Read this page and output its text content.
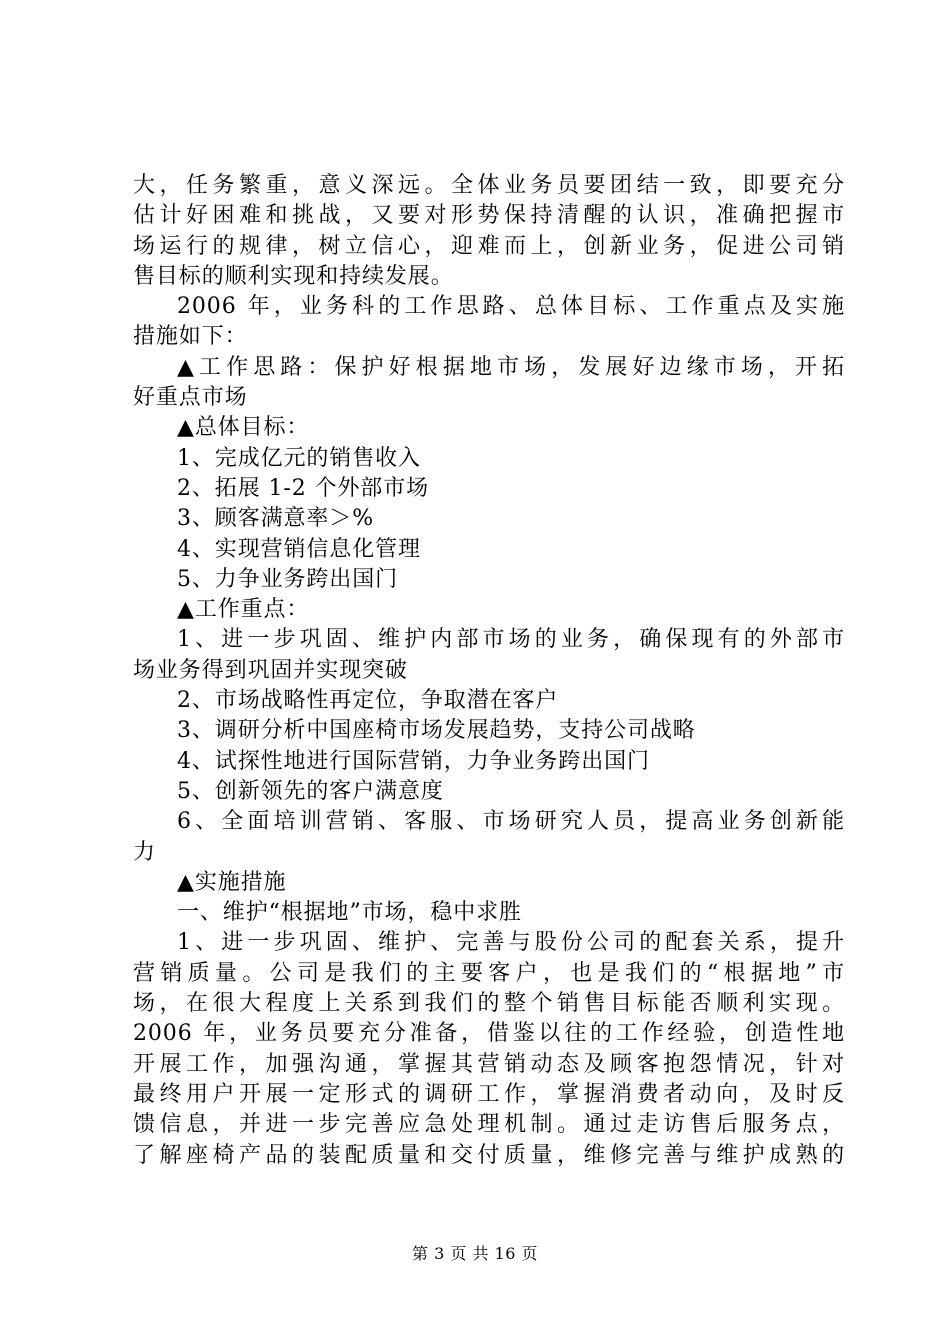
大，任务繁重，意义深远。全体业务员要团结一致，即要充分
估计好困难和挑战，又要对形势保持清醒的认识，准确把握市
场运行的规律，树立信心，迎难而上，创新业务，促进公司销
售目标的顺利实现和持续发展。
2006 年，业务科的工作思路、总体目标、工作重点及实施
措施如下：
▲工作思路：保护好根据地市场，发展好边缘市场，开拓
好重点市场
▲总体目标：
1、完成亿元的销售收入
2、拓展 1-2 个外部市场
3、顾客满意率＞%
4、实现营销信息化管理
5、力争业务跨出国门
▲工作重点：
1、进一步巩固、维护内部市场的业务，确保现有的外部市
场业务得到巩固并实现突破
2、市场战略性再定位，争取潜在客户
3、调研分析中国座椅市场发展趋势，支持公司战略
4、试探性地进行国际营销，力争业务跨出国门
5、创新领先的客户满意度
6、全面培训营销、客服、市场研究人员，提高业务创新能
力
▲实施措施
一、维护“根据地”市场，稳中求胜
1、进一步巩固、维护、完善与股份公司的配套关系，提升
营销质量。公司是我们的主要客户，也是我们的“根据地”市
场，在很大程度上关系到我们的整个销售目标能否顺利实现。
2006 年，业务员要充分准备，借鉴以往的工作经验，创造性地
开展工作，加强沟通，掌握其营销动态及顾客抱怨情况，针对
最终用户开展一定形式的调研工作，掌握消费者动向，及时反
馈信息，并进一步完善应急处理机制。通过走访售后服务点，
了解座椅产品的装配质量和交付质量，维修完善与维护成熟的
第 3 页 共 16 页
